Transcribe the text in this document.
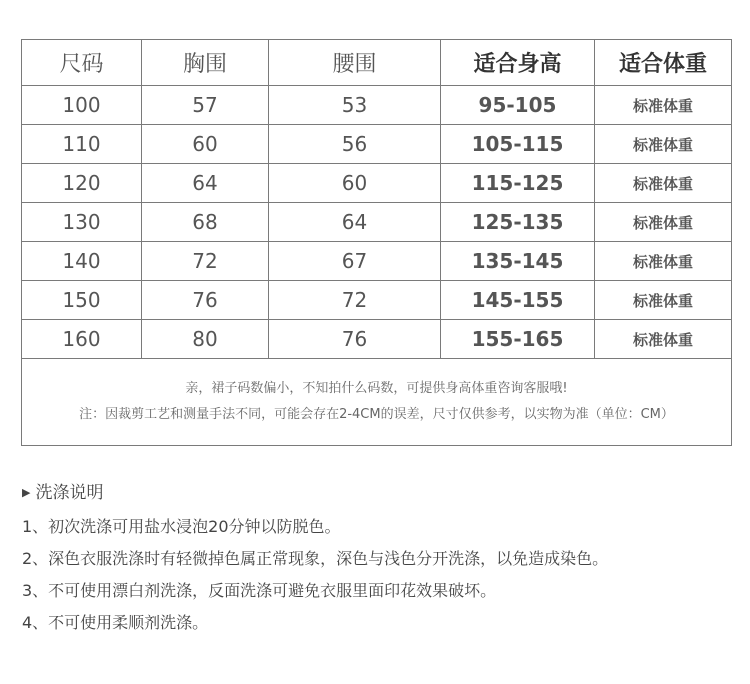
尺码	胸围	腰围	适合身高	适合体重
100	57	53	95-105	标准体重
110	60	56	105-115	标准体重
120	64	60	115-125	标准体重
130	68	64	125-135	标准体重
140	72	67	135-145	标准体重
150	76	72	145-155	标准体重
160	80	76	155-165	标准体重

亲，裙子码数偏小，不知拍什么码数，可提供身高体重咨询客服哦!
注：因裁剪工艺和测量手法不同，可能会存在2-4CM的误差，尺寸仅供参考，以实物为准（单位：CM）				
▶ 洗涤说明
1、初次洗涤可用盐水浸泡20分钟以防脱色。
2、深色衣服洗涤时有轻微掉色属正常现象，深色与浅色分开洗涤，以免造成染色。
3、不可使用漂白剂洗涤，反面洗涤可避免衣服里面印花效果破坏。
4、不可使用柔顺剂洗涤。
